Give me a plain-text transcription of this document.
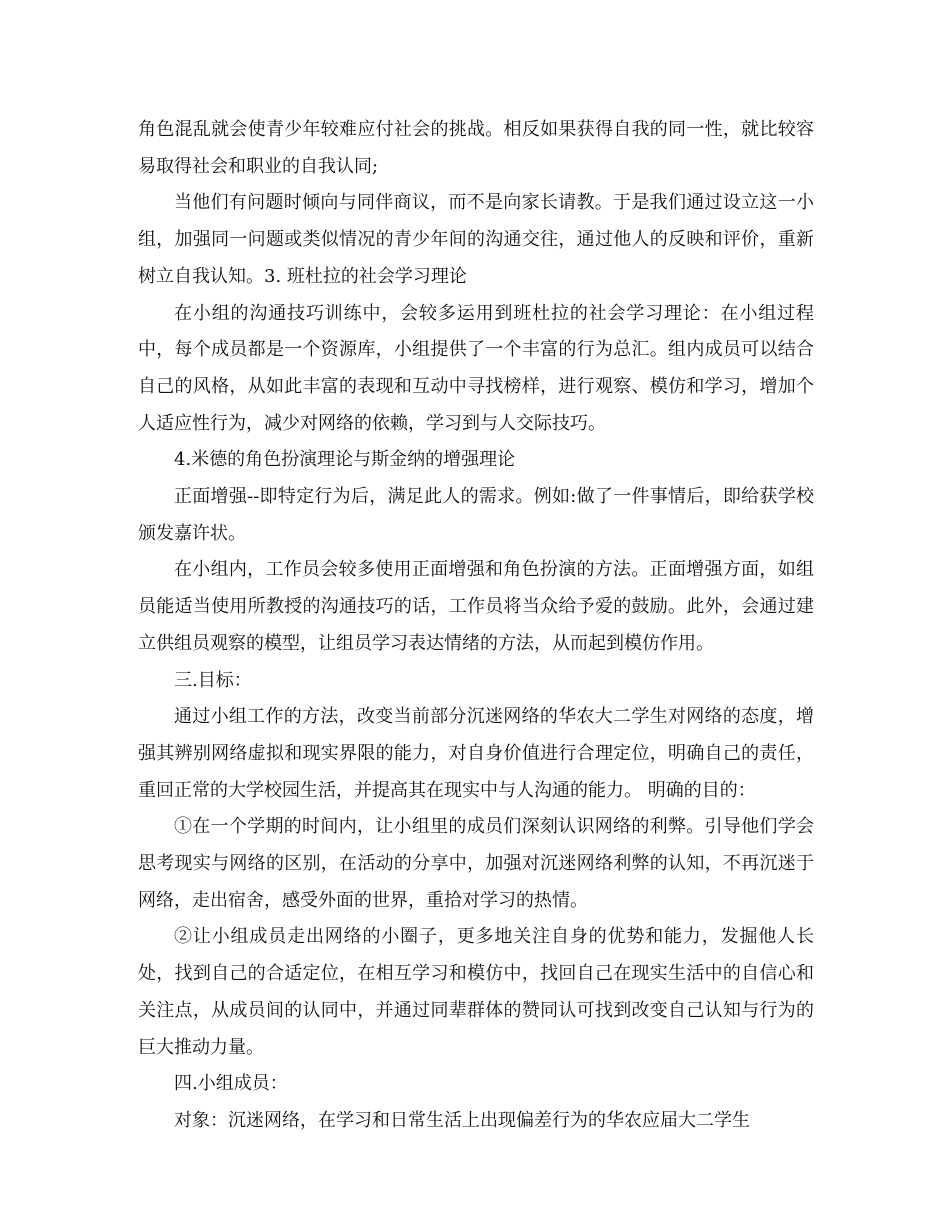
角色混乱就会使青少年较难应付社会的挑战。相反如果获得自我的同一性，就比较容易取得社会和职业的自我认同;

当他们有问题时倾向与同伴商议，而不是向家长请教。于是我们通过设立这一小组，加强同一问题或类似情况的青少年间的沟通交往，通过他人的反映和评价，重新树立自我认知。3. 班杜拉的社会学习理论

在小组的沟通技巧训练中，会较多运用到班杜拉的社会学习理论：在小组过程中，每个成员都是一个资源库，小组提供了一个丰富的行为总汇。组内成员可以结合自己的风格，从如此丰富的表现和互动中寻找榜样，进行观察、模仿和学习，增加个人适应性行为，减少对网络的依赖，学习到与人交际技巧。

4.米德的角色扮演理论与斯金纳的增强理论

正面增强--即特定行为后，满足此人的需求。例如:做了一件事情后，即给获学校颁发嘉许状。

在小组内，工作员会较多使用正面增强和角色扮演的方法。正面增强方面，如组员能适当使用所教授的沟通技巧的话，工作员将当众给予爱的鼓励。此外，会通过建立供组员观察的模型，让组员学习表达情绪的方法，从而起到模仿作用。

三.目标：

通过小组工作的方法，改变当前部分沉迷网络的华农大二学生对网络的态度，增强其辨别网络虚拟和现实界限的能力，对自身价值进行合理定位，明确自己的责任，重回正常的大学校园生活，并提高其在现实中与人沟通的能力。 明确的目的：

①在一个学期的时间内，让小组里的成员们深刻认识网络的利弊。引导他们学会思考现实与网络的区别，在活动的分享中，加强对沉迷网络利弊的认知，不再沉迷于网络，走出宿舍，感受外面的世界，重拾对学习的热情。

②让小组成员走出网络的小圈子，更多地关注自身的优势和能力，发掘他人长处，找到自己的合适定位，在相互学习和模仿中，找回自己在现实生活中的自信心和关注点，从成员间的认同中，并通过同辈群体的赞同认可找到改变自己认知与行为的巨大推动力量。

四.小组成员：

对象：沉迷网络，在学习和日常生活上出现偏差行为的华农应届大二学生
